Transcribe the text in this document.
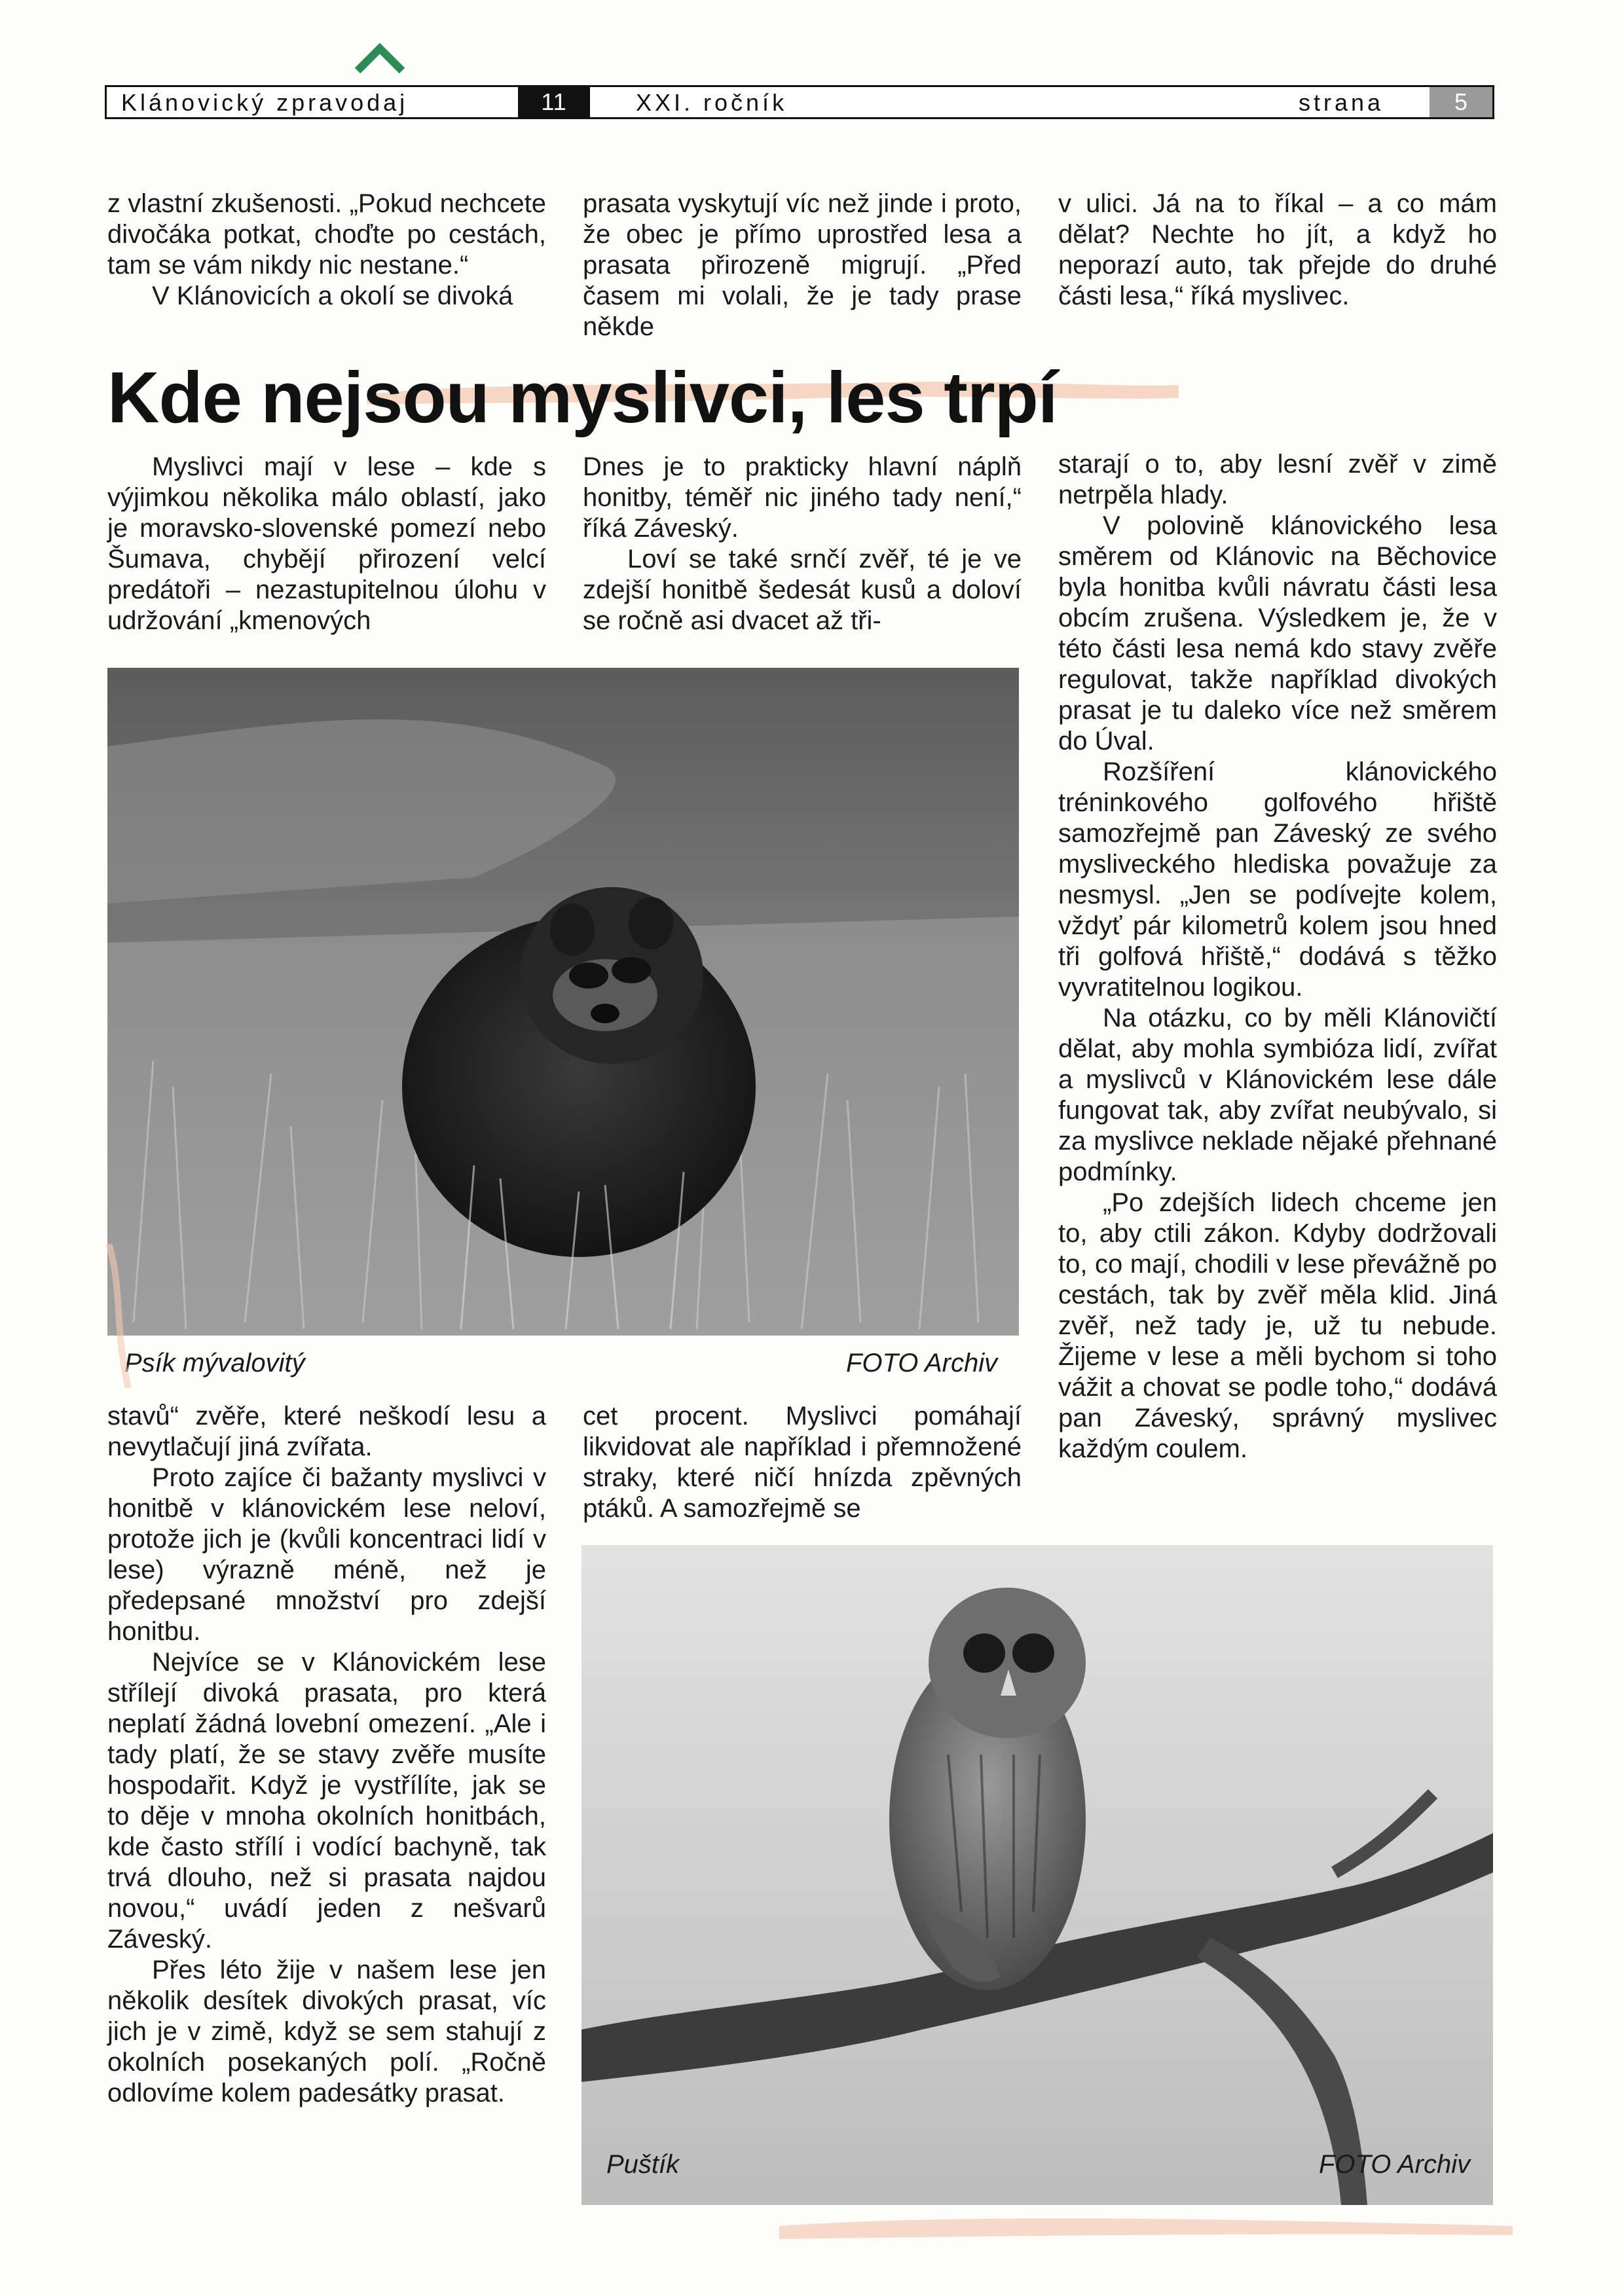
Klánovický zpravodaj	11	XXI. ročník	strana	5

z vlastní zkušenosti. „Pokud nechcete divočáka potkat, choďte po cestách, tam se vám nikdy nic nestane.“

V Klánovicích a okolí se divoká

prasata vyskytují víc než jinde i proto, že obec je přímo uprostřed lesa a prasata přirozeně migrují. „Před časem mi volali, že je tady prase někde

v ulici. Já na to říkal – a co mám dělat? Nechte ho jít, a když ho neporazí auto, tak přejde do druhé části lesa,“ říká myslivec.

Kde nejsou myslivci, les trpí

Myslivci mají v lese – kde s výjimkou několika málo oblastí, jako je moravsko-slovenské pomezí nebo Šumava, chybějí přirození velcí predátoři – nezastupitelnou úlohu v udržování „kmenových

Dnes je to prakticky hlavní náplň honitby, téměř nic jiného tady není,“ říká Záveský.

Loví se také srnčí zvěř, té je ve zdejší honitbě šedesát kusů a doloví se ročně asi dvacet až tři-

starají o to, aby lesní zvěř v zimě netrpěla hlady.

V polovině klánovického lesa směrem od Klánovic na Běchovice byla honitba kvůli návratu části lesa obcím zrušena. Výsledkem je, že v této části lesa nemá kdo stavy zvěře regulovat, takže například divokých prasat je tu daleko více než směrem do Úval.

Rozšíření klánovického tréninkového golfového hřiště samozřejmě pan Záveský ze svého mysliveckého hlediska považuje za nesmysl. „Jen se podívejte kolem, vždyť pár kilometrů kolem jsou hned tři golfová hřiště,“ dodává s těžko vyvratitelnou logikou.

Na otázku, co by měli Klánovičtí dělat, aby mohla symbióza lidí, zvířat a myslivců v Klánovickém lese dále fungovat tak, aby zvířat neubývalo, si za myslivce neklade nějaké přehnané podmínky.

„Po zdejších lidech chceme jen to, aby ctili zákon. Kdyby dodržovali to, co mají, chodili v lese převážně po cestách, tak by zvěř měla klid. Jiná zvěř, než tady je, už tu nebude. Žijeme v lese a měli bychom si toho vážit a chovat se podle toho,“ dodává pan Záveský, správný myslivec každým coulem.

Psík mývalovitý	FOTO Archiv

stavů“ zvěře, které neškodí lesu a nevytlačují jiná zvířata.

Proto zajíce či bažanty myslivci v honitbě v klánovickém lese neloví, protože jich je (kvůli koncentraci lidí v lese) výrazně méně, než je předepsané množství pro zdejší honitbu.

Nejvíce se v Klánovickém lese střílejí divoká prasata, pro která neplatí žádná lovební omezení. „Ale i tady platí, že se stavy zvěře musíte hospodařit. Když je vystřílíte, jak se to děje v mnoha okolních honitbách, kde často střílí i vodící bachyně, tak trvá dlouho, než si prasata najdou novou,“ uvádí jeden z nešvarů Záveský.

Přes léto žije v našem lese jen několik desítek divokých prasat, víc jich je v zimě, když se sem stahují z okolních posekaných polí. „Ročně odlovíme kolem padesátky prasat.

cet procent. Myslivci pomáhají likvidovat ale například i přemnožené straky, které ničí hnízda zpěvných ptáků. A samozřejmě se

Puštík	FOTO Archiv
